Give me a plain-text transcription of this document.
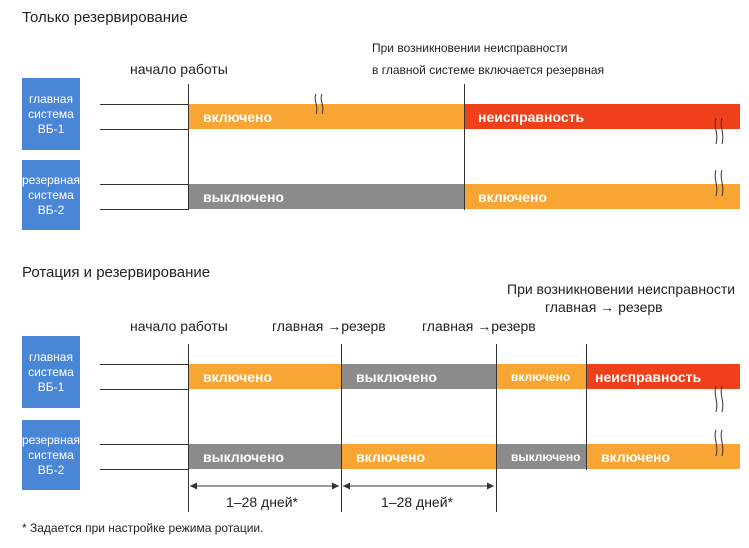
Только резервирование
начало работы
При возникновении неисправности
в главной системе включается резервная
главная
система
ВБ-1
резервная
система
ВБ-2
включено	неисправность
выключено	включено
Ротация и резервирование
При возникновении неисправности
главная → резерв
начало работы	главная →резерв	главная →резерв
главная
система
ВБ-1
резервная
система
ВБ-2
включено	выключено	включено	неисправность
выключено	включено	выключено	включено
1–28 дней*	1–28 дней*
* Задается при настройке режима ротации.
